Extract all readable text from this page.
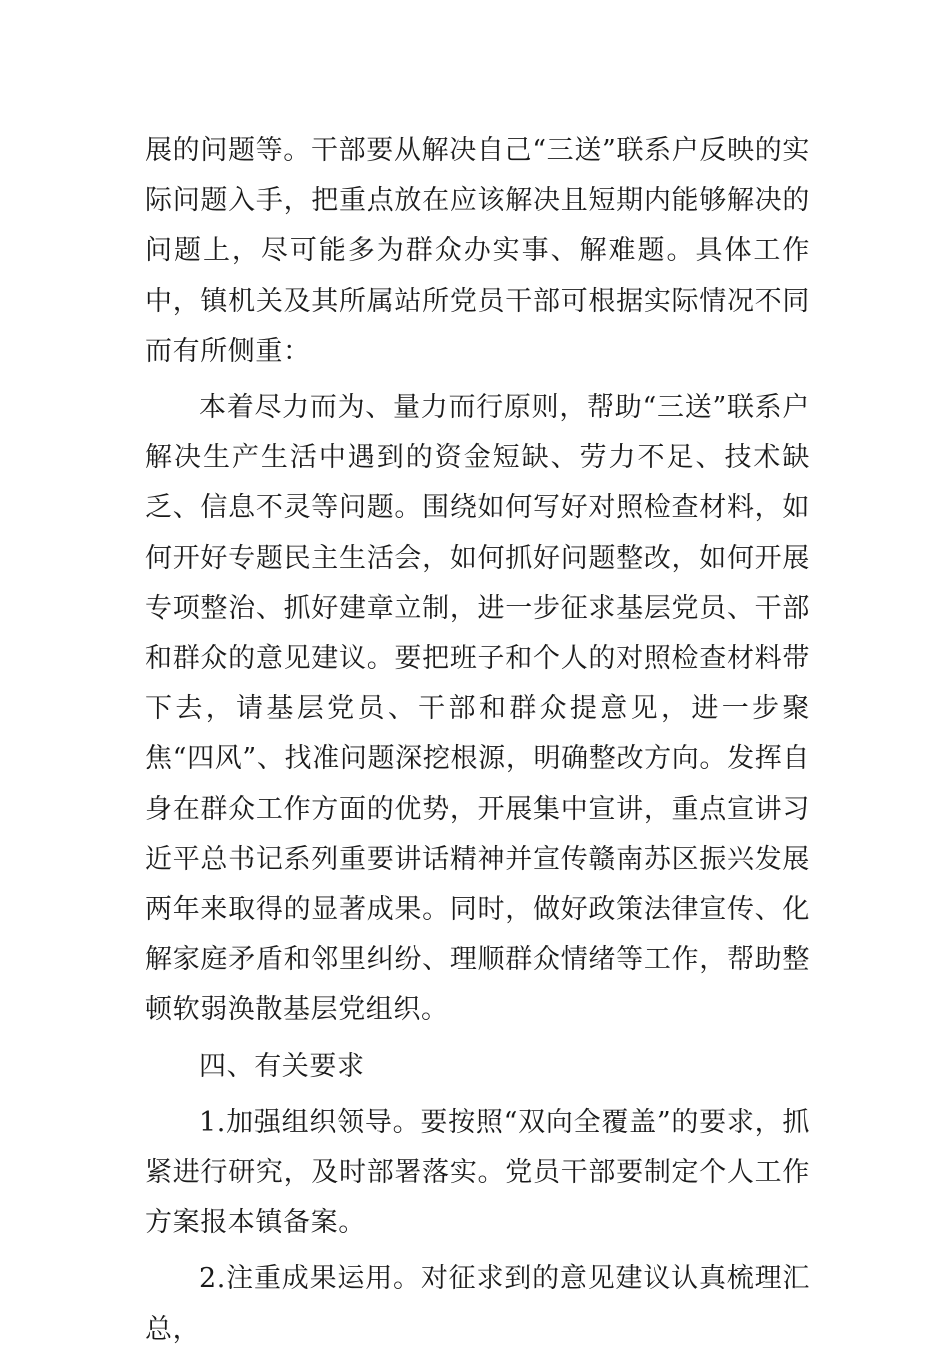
展的问题等。干部要从解决自己“三送”联系户反映的实际问题入手，把重点放在应该解决且短期内能够解决的问题上，尽可能多为群众办实事、解难题。具体工作中，镇机关及其所属站所党员干部可根据实际情况不同而有所侧重：

本着尽力而为、量力而行原则，帮助“三送”联系户解决生产生活中遇到的资金短缺、劳力不足、技术缺乏、信息不灵等问题。围绕如何写好对照检查材料，如何开好专题民主生活会，如何抓好问题整改，如何开展专项整治、抓好建章立制，进一步征求基层党员、干部和群众的意见建议。要把班子和个人的对照检查材料带下去，请基层党员、干部和群众提意见，进一步聚焦“四风”、找准问题深挖根源，明确整改方向。发挥自身在群众工作方面的优势，开展集中宣讲，重点宣讲习近平总书记系列重要讲话精神并宣传赣南苏区振兴发展两年来取得的显著成果。同时，做好政策法律宣传、化解家庭矛盾和邻里纠纷、理顺群众情绪等工作，帮助整顿软弱涣散基层党组织。

四、有关要求

1.加强组织领导。要按照“双向全覆盖”的要求，抓紧进行研究，及时部署落实。党员干部要制定个人工作方案报本镇备案。

2.注重成果运用。对征求到的意见建议认真梳理汇总，
